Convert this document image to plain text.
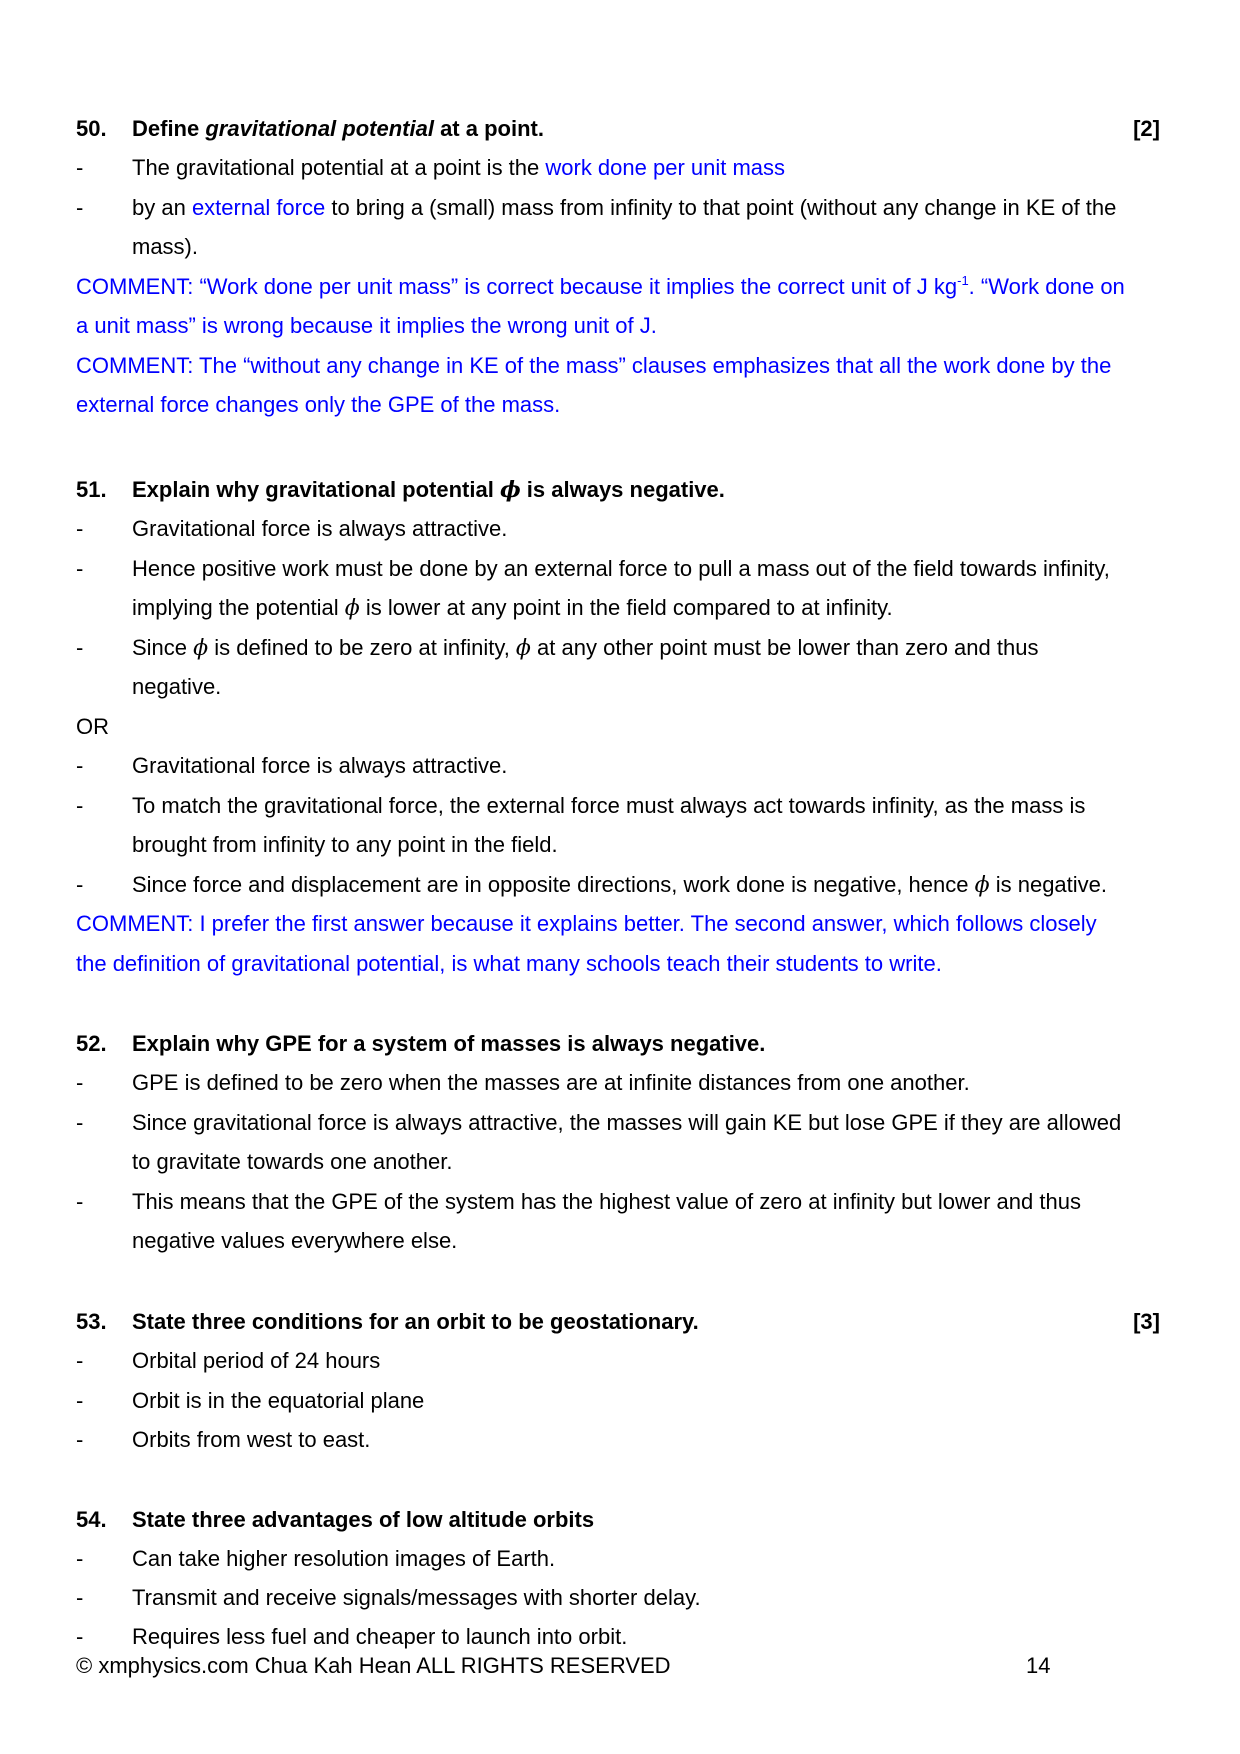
50. Define gravitational potential at a point.	[2]
- The gravitational potential at a point is the work done per unit mass
- by an external force to bring a (small) mass from infinity to that point (without any change in KE of the
mass).
COMMENT: “Work done per unit mass” is correct because it implies the correct unit of J $kg^{-1}$. “Work done on
a unit mass” is wrong because it implies the wrong unit of J.
COMMENT: The “without any change in KE of the mass” clauses emphasizes that all the work done by the
external force changes only the GPE of the mass.
51. Explain why gravitational potential ϕ is always negative.
- Gravitational force is always attractive.
- Hence positive work must be done by an external force to pull a mass out of the field towards infinity,
implying the potential ϕ is lower at any point in the field compared to at infinity.
- Since ϕ is defined to be zero at infinity, ϕ at any other point must be lower than zero and thus
negative.
OR
- Gravitational force is always attractive.
- To match the gravitational force, the external force must always act towards infinity, as the mass is
brought from infinity to any point in the field.
- Since force and displacement are in opposite directions, work done is negative, hence ϕ is negative.
COMMENT: I prefer the first answer because it explains better. The second answer, which follows closely
the definition of gravitational potential, is what many schools teach their students to write.
52. Explain why GPE for a system of masses is always negative.
- GPE is defined to be zero when the masses are at infinite distances from one another.
- Since gravitational force is always attractive, the masses will gain KE but lose GPE if they are allowed
to gravitate towards one another.
- This means that the GPE of the system has the highest value of zero at infinity but lower and thus
negative values everywhere else.
53. State three conditions for an orbit to be geostationary.	[3]
- Orbital period of 24 hours
- Orbit is in the equatorial plane
- Orbits from west to east.
54. State three advantages of low altitude orbits
- Can take higher resolution images of Earth.
- Transmit and receive signals/messages with shorter delay.
- Requires less fuel and cheaper to launch into orbit.
© xmphysics.com Chua Kah Hean ALL RIGHTS RESERVED	14
